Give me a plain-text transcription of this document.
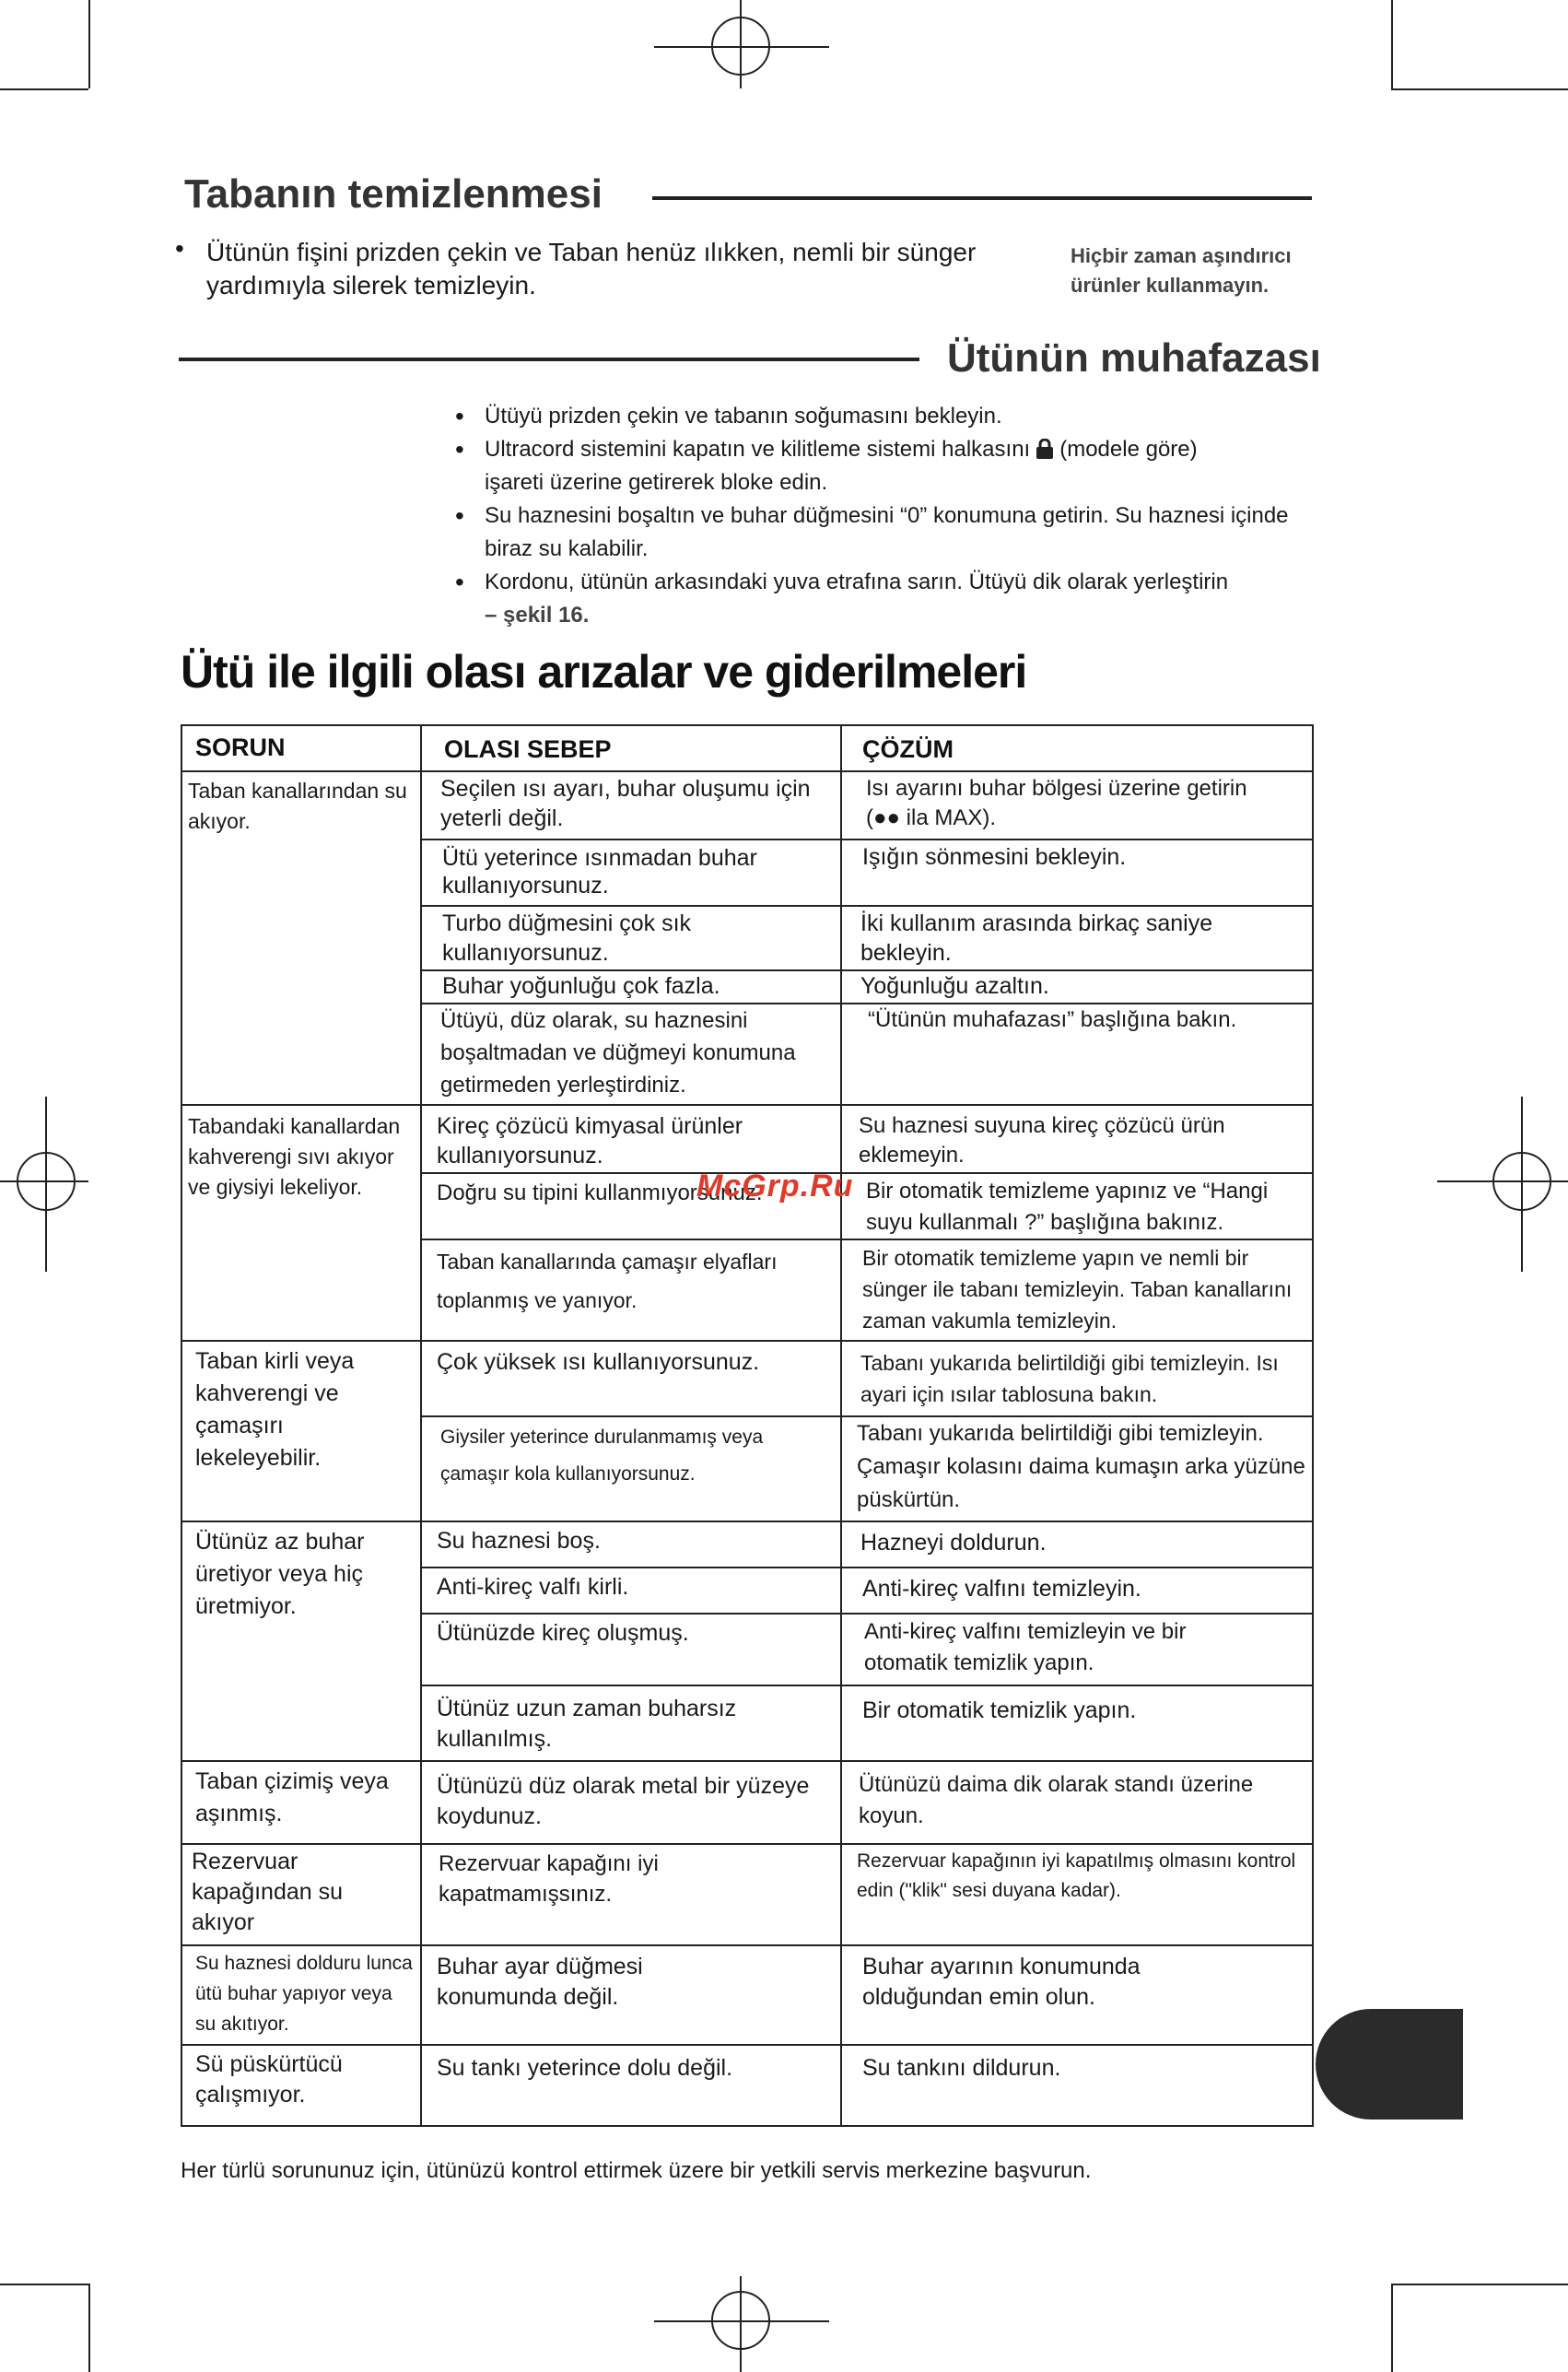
Tabanın temizlenmesi
• Ütünün fişini prizden çekin ve Taban henüz ılıkken, nemli bir sünger
yardımıyla silerek temizleyin.
Hiçbir zaman aşındırıcı
ürünler kullanmayın.
Ütünün muhafazası
• Ütüyü prizden çekin ve tabanın soğumasını bekleyin.
• Ultracord sistemini kapatın ve kilitleme sistemi halkasını (modele göre)
işareti üzerine getirerek bloke edin.
• Su haznesini boşaltın ve buhar düğmesini “0” konumuna getirin. Su haznesi içinde
biraz su kalabilir.
• Kordonu, ütünün arkasındaki yuva etrafına sarın. Ütüyü dik olarak yerleştirin
– şekil 16.
Ütü ile ilgili olası arızalar ve giderilmeleri
SORUN	OLASI SEBEP	ÇÖZÜM
Taban kanallarından su akıyor.
Tabandaki kanallardan kahverengi sıvı akıyor ve giysiyi lekeliyor.
Taban kirli veya kahverengi ve çamaşırı lekeleyebilir.
Ütünüz az buhar üretiyor veya hiç üretmiyor.
Taban çizimiş veya aşınmış.
Rezervuar kapağından su akıyor
Su haznesi dolduru lunca ütü buhar yapıyor veya su akıtıyor.
Sü püskürtücü çalışmıyor.
Seçilen ısı ayarı, buhar oluşumu için yeterli değil.
Ütü yeterince ısınmadan buhar kullanıyorsunuz.
Turbo düğmesini çok sık kullanıyorsunuz.
Buhar yoğunluğu çok fazla.
Ütüyü, düz olarak, su haznesini boşaltmadan ve düğmeyi konumuna getirmeden yerleştirdiniz.
Kireç çözücü kimyasal ürünler kullanıyorsunuz.
Doğru su tipini kullanmıyorsunuz.
Taban kanallarında çamaşır elyafları toplanmış ve yanıyor.
Çok yüksek ısı kullanıyorsunuz.
Giysiler yeterince durulanmamış veya çamaşır kola kullanıyorsunuz.
Su haznesi boş.
Anti-kireç valfı kirli.
Ütünüzde kireç oluşmuş.
Ütünüz uzun zaman buharsız kullanılmış.
Ütünüzü düz olarak metal bir yüzeye koydunuz.
Rezervuar kapağını iyi kapatmamışsınız.
Buhar ayar düğmesi konumunda değil.
Su tankı yeterince dolu değil.
Isı ayarını buhar bölgesi üzerine getirin
(●● ila MAX).
Işığın sönmesini bekleyin.
İki kullanım arasında birkaç saniye bekleyin.
Yoğunluğu azaltın.
“Ütünün muhafazası” başlığına bakın.
Su haznesi suyuna kireç çözücü ürün eklemeyin.
Bir otomatik temizleme yapınız ve “Hangi suyu kullanmalı ?” başlığına bakınız.
Bir otomatik temizleme yapın ve nemli bir sünger ile tabanı temizleyin. Taban kanallarını zaman vakumla temizleyin.
Tabanı yukarıda belirtildiği gibi temizleyin. Isı ayari için ısılar tablosuna bakın.
Tabanı yukarıda belirtildiği gibi temizleyin. Çamaşır kolasını daima kumaşın arka yüzüne püskürtün.
Hazneyi doldurun.
Anti-kireç valfını temizleyin.
Anti-kireç valfını temizleyin ve bir otomatik temizlik yapın.
Bir otomatik temizlik yapın.
Ütünüzü daima dik olarak standı üzerine koyun.
Rezervuar kapağının iyi kapatılmış olmasını kontrol edin ("klik" sesi duyana kadar).
Buhar ayarının konumunda olduğundan emin olun.
Su tankını dildurun.
McGrp.Ru
Her türlü sorununuz için, ütünüzü kontrol ettirmek üzere bir yetkili servis merkezine başvurun.
